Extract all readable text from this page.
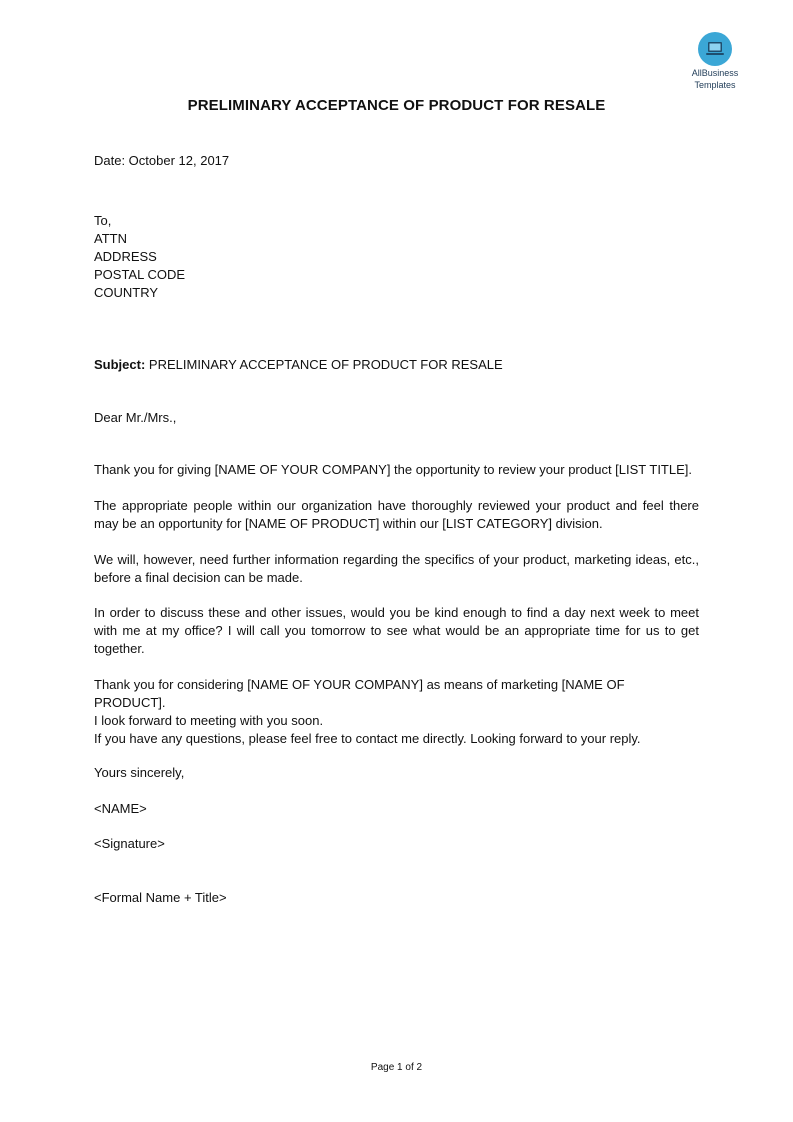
AllBusiness
Templates
PRELIMINARY ACCEPTANCE OF PRODUCT FOR RESALE
Date: October 12, 2017
To,
ATTN
ADDRESS
POSTAL CODE
COUNTRY
Subject: PRELIMINARY ACCEPTANCE OF PRODUCT FOR RESALE
Dear Mr./Mrs.,
Thank you for giving [NAME OF YOUR COMPANY] the opportunity to review your product [LIST TITLE].
The appropriate people within our organization have thoroughly reviewed your product and feel there may be an opportunity for [NAME OF PRODUCT] within our [LIST CATEGORY] division.
We will, however, need further information regarding the specifics of your product, marketing ideas, etc., before a final decision can be made.
In order to discuss these and other issues, would you be kind enough to find a day next week to meet with me at my office? I will call you tomorrow to see what would be an appropriate time for us to get together.
Thank you for considering [NAME OF YOUR COMPANY] as means of marketing [NAME OF PRODUCT].
I look forward to meeting with you soon.
If you have any questions, please feel free to contact me directly. Looking forward to your reply.
Yours sincerely,
<NAME>
<Signature>
<Formal Name + Title>
Page 1 of 2
